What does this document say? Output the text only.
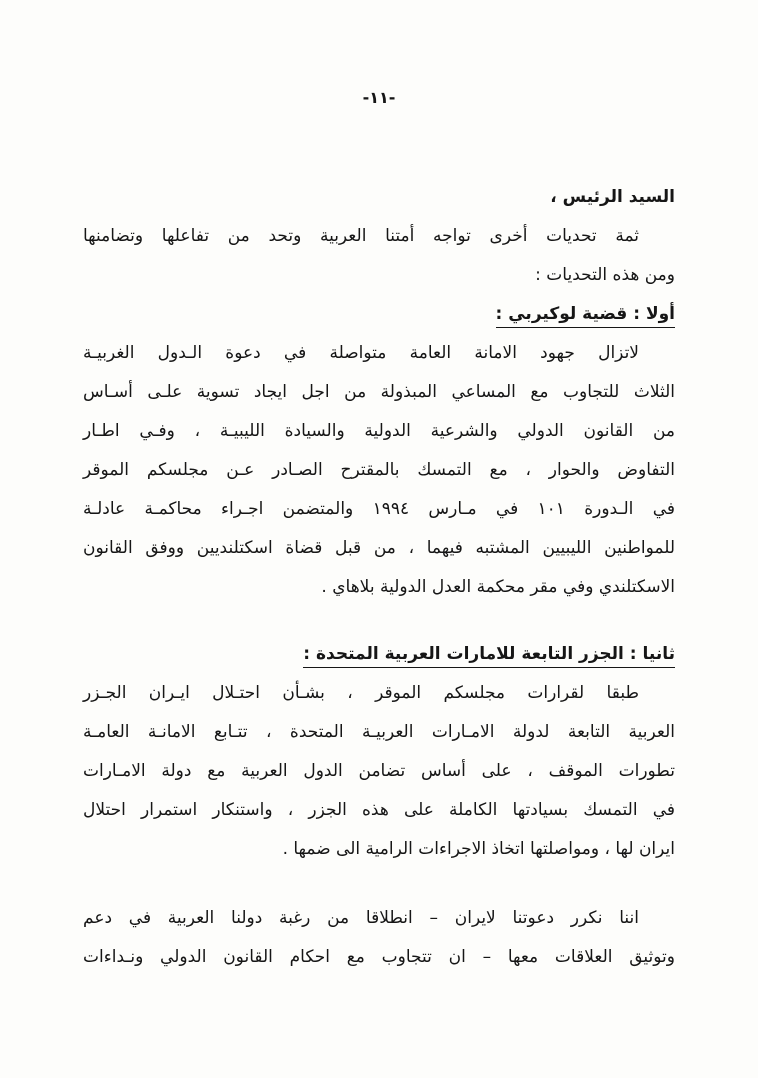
-١١-

السيد الرئيس ،

ثمة تحديات أخرى تواجه أمتنا العربية وتحد من تفاعلها وتضامنها

ومن هذه التحديات :

أولا : قضية لوكيربي :

لاتزال جهود الامانة العامة متواصلة في دعوة الـدول الغربيـة

الثلاث للتجاوب مع المساعي المبذولة من اجل ايجاد تسوية علـى أسـاس

من القانون الدولي والشرعية الدولية والسيادة الليبيـة ، وفـي اطـار

التفاوض والحوار ، مع التمسك بالمقترح الصـادر عـن مجلسكم الموقر

في الـدورة ١٠١ في مـارس ١٩٩٤ والمتضمن اجـراء محاكمـة عادلـة

للمواطنين الليبيين المشتبه فيهما ، من قبل قضاة اسكتلنديين ووفق القانون

الاسكتلندي وفي مقر محكمة العدل الدولية بلاهاي .

ثانيا : الجزر التابعة للامارات العربية المتحدة :

طبقا لقرارات مجلسكم الموقر ، بشـأن احتـلال ايـران الجـزر

العربية التابعة لدولة الامـارات العربيـة المتحدة ، تتـابع الامانـة العامـة

تطورات الموقف ، على أساس تضامن الدول العربية مع دولة الامـارات

في التمسك بسيادتها الكاملة على هذه الجزر ، واستنكار استمرار احتلال

ايران لها ، ومواصلتها اتخاذ الاجراءات الرامية الى ضمها .

اننا نكرر دعوتنا لايران – انطلاقا من رغبة دولنا العربية في دعم

وتوثيق العلاقات معها – ان تتجاوب مع احكام القانون الدولي ونـداءات
